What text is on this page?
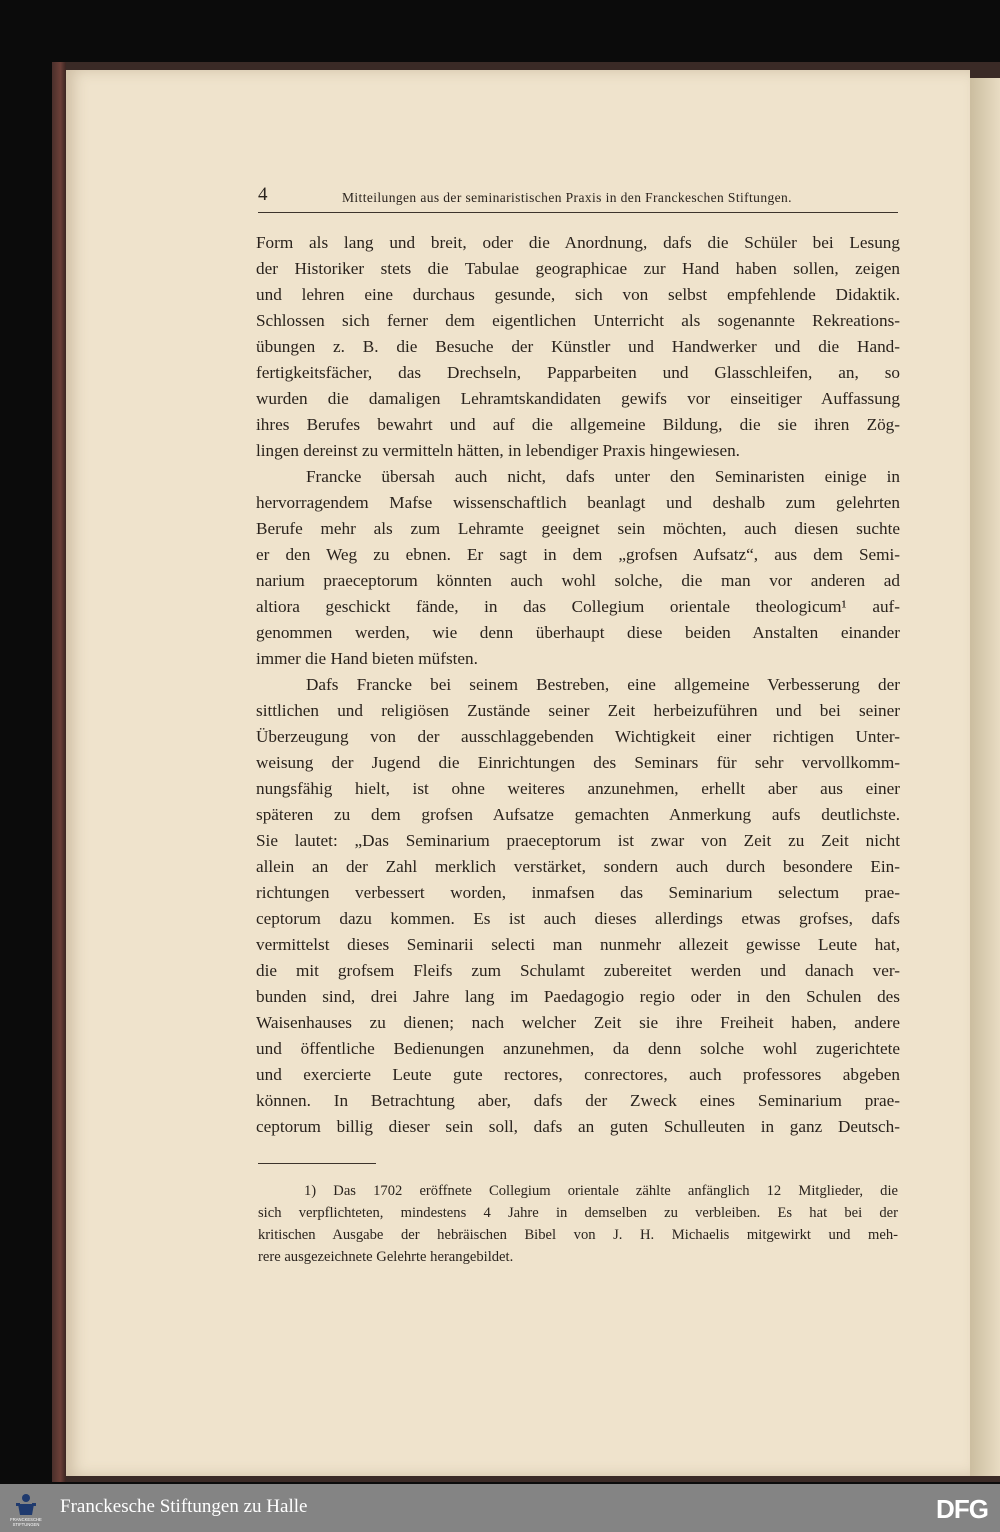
4	Mitteilungen aus der seminaristischen Praxis in den Franckeschen Stiftungen.
Form als lang und breit, oder die Anordnung, dafs die Schüler bei Lesung
der Historiker stets die Tabulae geographicae zur Hand haben sollen, zeigen
und lehren eine durchaus gesunde, sich von selbst empfehlende Didaktik.
Schlossen sich ferner dem eigentlichen Unterricht als sogenannte Rekreations-
übungen z. B. die Besuche der Künstler und Handwerker und die Hand-
fertigkeitsfächer, das Drechseln, Papparbeiten und Glasschleifen, an, so
wurden die damaligen Lehramtskandidaten gewifs vor einseitiger Auffassung
ihres Berufes bewahrt und auf die allgemeine Bildung, die sie ihren Zög-
lingen dereinst zu vermitteln hätten, in lebendiger Praxis hingewiesen.
Francke übersah auch nicht, dafs unter den Seminaristen einige in
hervorragendem Mafse wissenschaftlich beanlagt und deshalb zum gelehrten
Berufe mehr als zum Lehramte geeignet sein möchten, auch diesen suchte
er den Weg zu ebnen. Er sagt in dem „grofsen Aufsatz“, aus dem Semi-
narium praeceptorum könnten auch wohl solche, die man vor anderen ad
altiora geschickt fände, in das Collegium orientale theologicum¹ auf-
genommen werden, wie denn überhaupt diese beiden Anstalten einander
immer die Hand bieten müfsten.
Dafs Francke bei seinem Bestreben, eine allgemeine Verbesserung der
sittlichen und religiösen Zustände seiner Zeit herbeizuführen und bei seiner
Überzeugung von der ausschlaggebenden Wichtigkeit einer richtigen Unter-
weisung der Jugend die Einrichtungen des Seminars für sehr vervollkomm-
nungsfähig hielt, ist ohne weiteres anzunehmen, erhellt aber aus einer
späteren zu dem grofsen Aufsatze gemachten Anmerkung aufs deutlichste.
Sie lautet: „Das Seminarium praeceptorum ist zwar von Zeit zu Zeit nicht
allein an der Zahl merklich verstärket, sondern auch durch besondere Ein-
richtungen verbessert worden, inmafsen das Seminarium selectum prae-
ceptorum dazu kommen. Es ist auch dieses allerdings etwas grofses, dafs
vermittelst dieses Seminarii selecti man nunmehr allezeit gewisse Leute hat,
die mit grofsem Fleifs zum Schulamt zubereitet werden und danach ver-
bunden sind, drei Jahre lang im Paedagogio regio oder in den Schulen des
Waisenhauses zu dienen; nach welcher Zeit sie ihre Freiheit haben, andere
und öffentliche Bedienungen anzunehmen, da denn solche wohl zugerichtete
und exercierte Leute gute rectores, conrectores, auch professores abgeben
können. In Betrachtung aber, dafs der Zweck eines Seminarium prae-
ceptorum billig dieser sein soll, dafs an guten Schulleuten in ganz Deutsch-
1) Das 1702 eröffnete Collegium orientale zählte anfänglich 12 Mitglieder, die
sich verpflichteten, mindestens 4 Jahre in demselben zu verbleiben. Es hat bei der
kritischen Ausgabe der hebräischen Bibel von J. H. Michaelis mitgewirkt und meh-
rere ausgezeichnete Gelehrte herangebildet.
FRANCKESCHE
STIFTUNGEN
Franckesche Stiftungen zu Halle	DFG
